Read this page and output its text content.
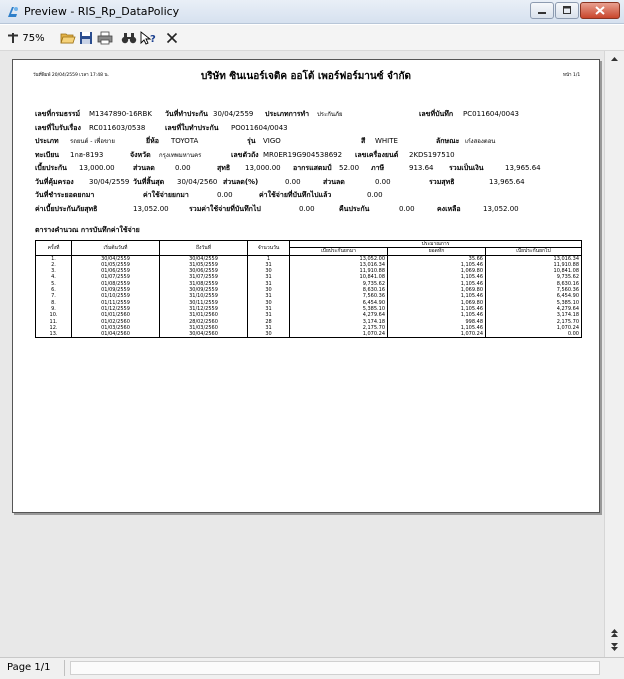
Preview - RIS_Rp_DataPolicy
75%	?
วันที่พิมพ์ 20/04/2559 เวลา 17:48 น.	หน้า 1/1
บริษัท ซินเนอร์เจติค ออโต้ เพอร์ฟอร์มานซ์ จำกัด
เลขที่กรมธรรม์ M1347890-16RBK วันที่ทำประกัน 30/04/2559 ประเภทการทำ ประกันภัย	เลขที่บันทึก PC011604/0043
เลขที่ใบรับเรื่อง RC011603/0538	เลขที่ใบทำประกัน PO011604/0043
ประเภท รถยนต์ - เพื่อขาย	ยี่ห้อ TOYOTA	รุ่น VIGO	สี WHITE	ลักษณะ เก๋งสองตอน
ทะเบียน 1กฮ-8193	จังหวัด กรุงเทพมหานคร	เลขตัวถัง MR0ER19G904538692 เลขเครื่องยนต์ 2KDS197510
เบี้ยประกัน 13,000.00	ส่วนลด	0.00	สุทธิ 13,000.00 อากรแสตมป์ 52.00 ภาษี	913.64 รวมเป็นเงิน	13,965.64
วันที่คุ้มครอง 30/04/2559 วันที่สิ้นสุด 30/04/2560 ส่วนลด(%)	0.00	ส่วนลด	0.00	รวมสุทธิ	13,965.64
วันที่ชำระยอดยกมา	ค่าใช้จ่ายยกมา	0.00	ค่าใช้จ่ายที่บันทึกไปแล้ว	0.00
ค่าเบี้ยประกันภัยสุทธิ	13,052.00	รวมค่าใช้จ่ายที่บันทึกไป	0.00	คืนประกัน	0.00	คงเหลือ	13,052.00
ตารางคำนวณ การบันทึกค่าใช้จ่าย
ครั้งที่	เริ่มต้นวันที่	ถึงวันที่	จำนวนวัน	ประมาณการ		
				เบี้ยประกันยกมา	ยอดหัก	เบี้ยประกันยกไป
1.	30/04/2559	30/04/2559	1	13,052.00	35.66	13,016.34
2.	01/05/2559	31/05/2559	31	13,016.34	1,105.46	11,910.88
3.	01/06/2559	30/06/2559	30	11,910.88	1,069.80	10,841.08
4.	01/07/2559	31/07/2559	31	10,841.08	1,105.46	9,735.62
5.	01/08/2559	31/08/2559	31	9,735.62	1,105.46	8,630.16
6.	01/09/2559	30/09/2559	30	8,630.16	1,069.80	7,560.36
7.	01/10/2559	31/10/2559	31	7,560.36	1,105.46	6,454.90
8.	01/11/2559	30/11/2559	30	6,454.90	1,069.80	5,385.10
9.	01/12/2559	31/12/2559	31	5,385.10	1,105.46	4,279.64
10.	01/01/2560	31/01/2560	31	4,279.64	1,105.46	3,174.18
11.	01/02/2560	28/02/2560	28	3,174.18	998.48	2,175.70
12.	01/03/2560	31/03/2560	31	2,175.70	1,105.46	1,070.24
13.	01/04/2560	30/04/2560	30	1,070.24	1,070.24	0.00
Page 1/1
